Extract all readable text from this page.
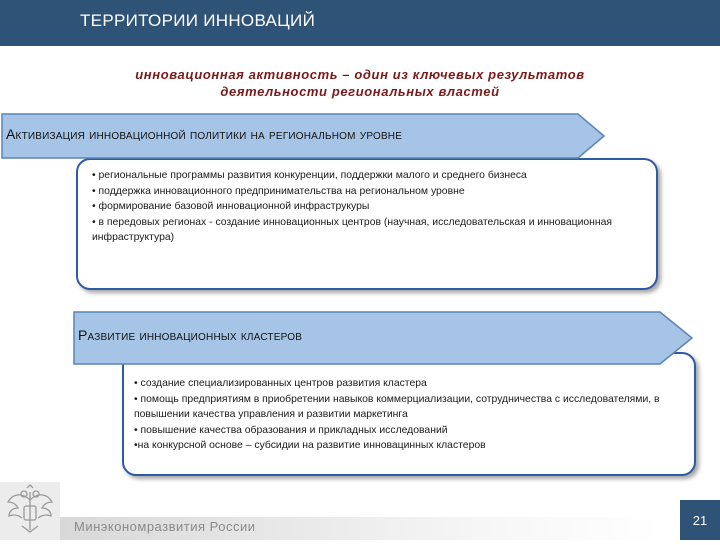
ТЕРРИТОРИИ ИННОВАЦИЙ
инновационная активность – один из ключевых результатов
деятельности региональных властей
• региональные программы развития конкуренции, поддержки малого и среднего бизнеса
• поддержка инновационного предпринимательства на региональном уровне
• формирование базовой инновационной инфраструкуры
• в передовых регионах - создание инновационных центров (научная, исследовательская и инновационная инфраструктура)
Активизация инновационной политики на региональном уровне
• создание специализированных центров развития кластера
• помощь предприятиям в приобретении навыков коммерциализации, сотрудничества с исследователями, в повышении качества управления и развитии маркетинга
• повышение качества образования и прикладных исследований
•на конкурсной основе – субсидии на развитие инновацинных кластеров
Развитие инновационных кластеров
Минэкономразвития России	21
